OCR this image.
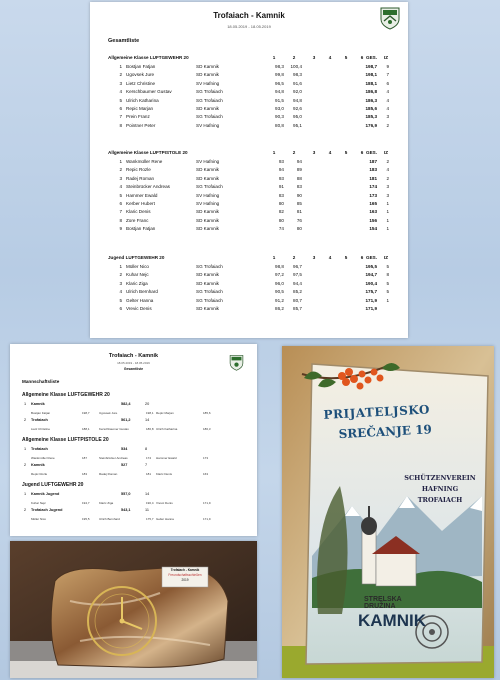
Trofaiach - Kamnik
18.05.2019 - 18.05.2019
Gesamtliste
Allgemeine Klasse LUFTGEWEHR 20	1	2	3	4	5	6 GES. IZ
1 Bostjan Fatjan	SD Kamnik	98,3	100,4	198,7	9
2 Ugovsek Jure	SD Kamnik	99,8	98,3	198,1	7
3 Lietz Christine	SV Hafning	96,5	91,6	188,1	6
4 Kerschbaumer Gustav	SG Trofaiach	94,8	92,0	186,8	4
5 Ulrich Katharina	SG Trofaiach	91,5	94,8	186,3	4
6 Repic Marjan	SD Kamnik	93,0	92,6	185,6	4
7 Prein Franz	SG Trofaiach	90,3	95,0	185,3	3
8 Pointner Peter	SV Hafning	80,8	95,1	176,9	2
Allgemeine Klasse LUFTPISTOLE 20	1	2	3	4	5	6 GES. IZ
1 Wankmüller Rene	SV Hafning	93	94	187	2
2 Repic Rozle	SD Kamnik	94	89	183	4
3 Radej Roman	SD Kamnik	93	88	181	2
4 Steinbrücker Andreas	SG Trofaiach	91	83	174	3
5 Hammer Ewald	SV Hafning	83	90	173	3
6 Kerber Hubert	SV Hafning	80	85	165	1
7 Klaric Denis	SD Kamnik	82	81	163	1
8 Zore Franc	SD Kamnik	80	76	156	1
9 Bostjan Fatjan	SD Kamnik	74	80	154	1
Jugend LUFTGEWEHR 20	1	2	3	4	5	6 GES. IZ
1 Müller Nico	SG Trofaiach	98,8	96,7	195,5	5
2 Kuhar Nejc	SD Kamnik	97,2	97,5	194,7	8
3 Klaric Ziga	SD Kamnik	96,0	94,4	190,4	5
4 Ulrich Bernhard	SG Trofaiach	90,5	85,2	175,7	5
5 Gelter Hanna	SG Trofaiach	91,2	80,7	171,9	1
6 Vrevic Denis	SD Kamnik	86,2	85,7	171,9
Trofaiach - Kamnik
18.05.2019 - 18.05.2019
Gesamtliste
Mannschaftsliste
Allgemeine Klasse LUFTGEWEHR 20
1 Kamnik	582,4	20
Bostjan Fatjan	198,7	Ugovsek Jure	198,1 Repic Marjan	185,6
2 Trofaiach	561,2	14
Lietz Christine	188,1	Kerschbaumer Gustav	186,8 Ulrich Katharina	186,3
Allgemeine Klasse LUFTPISTOLE 20
1 Trofaiach	534	8
Wankmüller Rene	187	Steinbrücker Andreas	174 Hammer Ewald	173
2 Kamnik	527	7
Repic Rozle	183	Radej Roman	181 Klaric Denis	163
Jugend LUFTGEWEHR 20
1 Kamnik Jugend	557,0	14
Kuhar Nejc	194,7	Klaric Ziga	190,4 Vrevic Denis	171,9
2 Trofaiach Jugend	543,1	11
Müller Nico	195,5	Ulrich Bernhard	175,7 Gelter Hanna	171,9
Trofaiach - Kamnik
Freundschaftsschießen
2019
PRIJATELJSKO
SREČANJE 19
SCHÜTZENVEREIN
HAFNING
TROFAIACH
STRELSKA
DRUŽINA
KAMNIK
